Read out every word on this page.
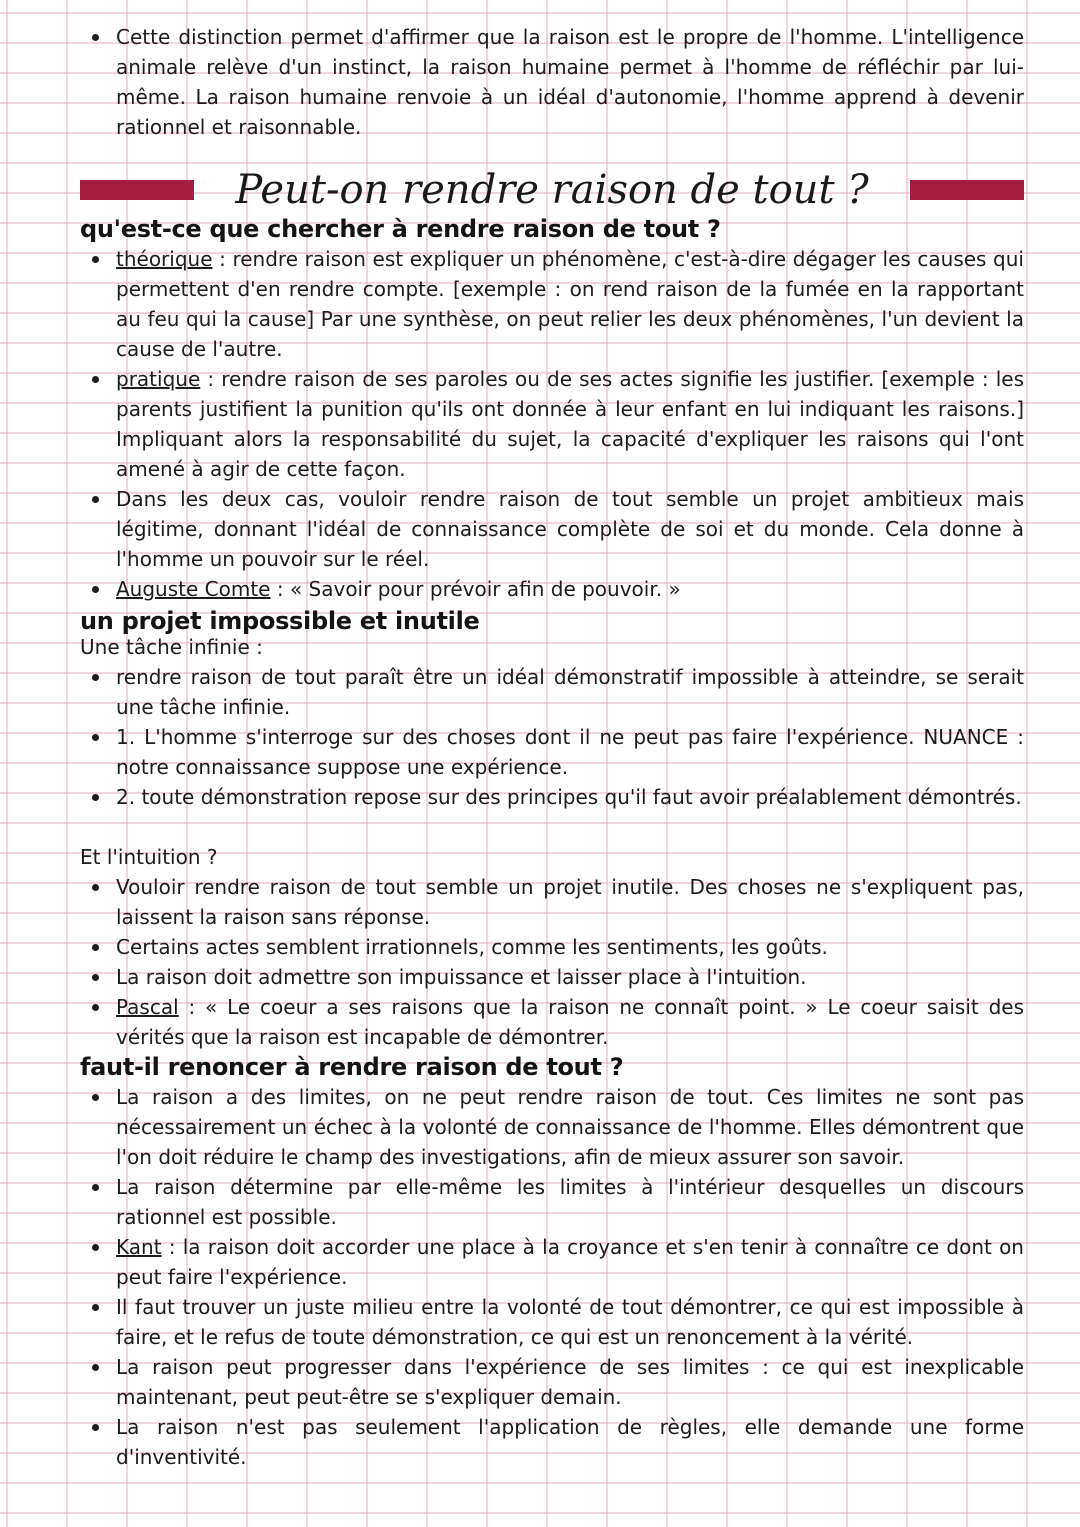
Cette distinction permet d'affirmer que la raison est le propre de l'homme. L'intelligence animale relève d'un instinct, la raison humaine permet à l'homme de réfléchir par lui-même. La raison humaine renvoie à un idéal d'autonomie, l'homme apprend à devenir rationnel et raisonnable.
Peut-on rendre raison de tout ?
qu'est-ce que chercher à rendre raison de tout ?
théorique : rendre raison est expliquer un phénomène, c'est-à-dire dégager les causes qui permettent d'en rendre compte. [exemple : on rend raison de la fumée en la rapportant au feu qui la cause] Par une synthèse, on peut relier les deux phénomènes, l'un devient la cause de l'autre.
pratique : rendre raison de ses paroles ou de ses actes signifie les justifier. [exemple : les parents justifient la punition qu'ils ont donnée à leur enfant en lui indiquant les raisons.] Impliquant alors la responsabilité du sujet, la capacité d'expliquer les raisons qui l'ont amené à agir de cette façon.
Dans les deux cas, vouloir rendre raison de tout semble un projet ambitieux mais légitime, donnant l'idéal de connaissance complète de soi et du monde. Cela donne à l'homme un pouvoir sur le réel.
Auguste Comte : « Savoir pour prévoir afin de pouvoir. »
un projet impossible et inutile
Une tâche infinie :
rendre raison de tout paraît être un idéal démonstratif impossible à atteindre, se serait une tâche infinie.
1. L'homme s'interroge sur des choses dont il ne peut pas faire l'expérience. NUANCE : notre connaissance suppose une expérience.
2. toute démonstration repose sur des principes qu'il faut avoir préalablement démontrés.
Et l'intuition ?
Vouloir rendre raison de tout semble un projet inutile. Des choses ne s'expliquent pas, laissent la raison sans réponse.
Certains actes semblent irrationnels, comme les sentiments, les goûts.
La raison doit admettre son impuissance et laisser place à l'intuition.
Pascal : « Le coeur a ses raisons que la raison ne connaît point. » Le coeur saisit des vérités que la raison est incapable de démontrer.
faut-il renoncer à rendre raison de tout ?
La raison a des limites, on ne peut rendre raison de tout. Ces limites ne sont pas nécessairement un échec à la volonté de connaissance de l'homme. Elles démontrent que l'on doit réduire le champ des investigations, afin de mieux assurer son savoir.
La raison détermine par elle-même les limites à l'intérieur desquelles un discours rationnel est possible.
Kant : la raison doit accorder une place à la croyance et s'en tenir à connaître ce dont on peut faire l'expérience.
Il faut trouver un juste milieu entre la volonté de tout démontrer, ce qui est impossible à faire, et le refus de toute démonstration, ce qui est un renoncement à la vérité.
La raison peut progresser dans l'expérience de ses limites : ce qui est inexplicable maintenant, peut peut-être se s'expliquer demain.
La raison n'est pas seulement l'application de règles, elle demande une forme d'inventivité.
